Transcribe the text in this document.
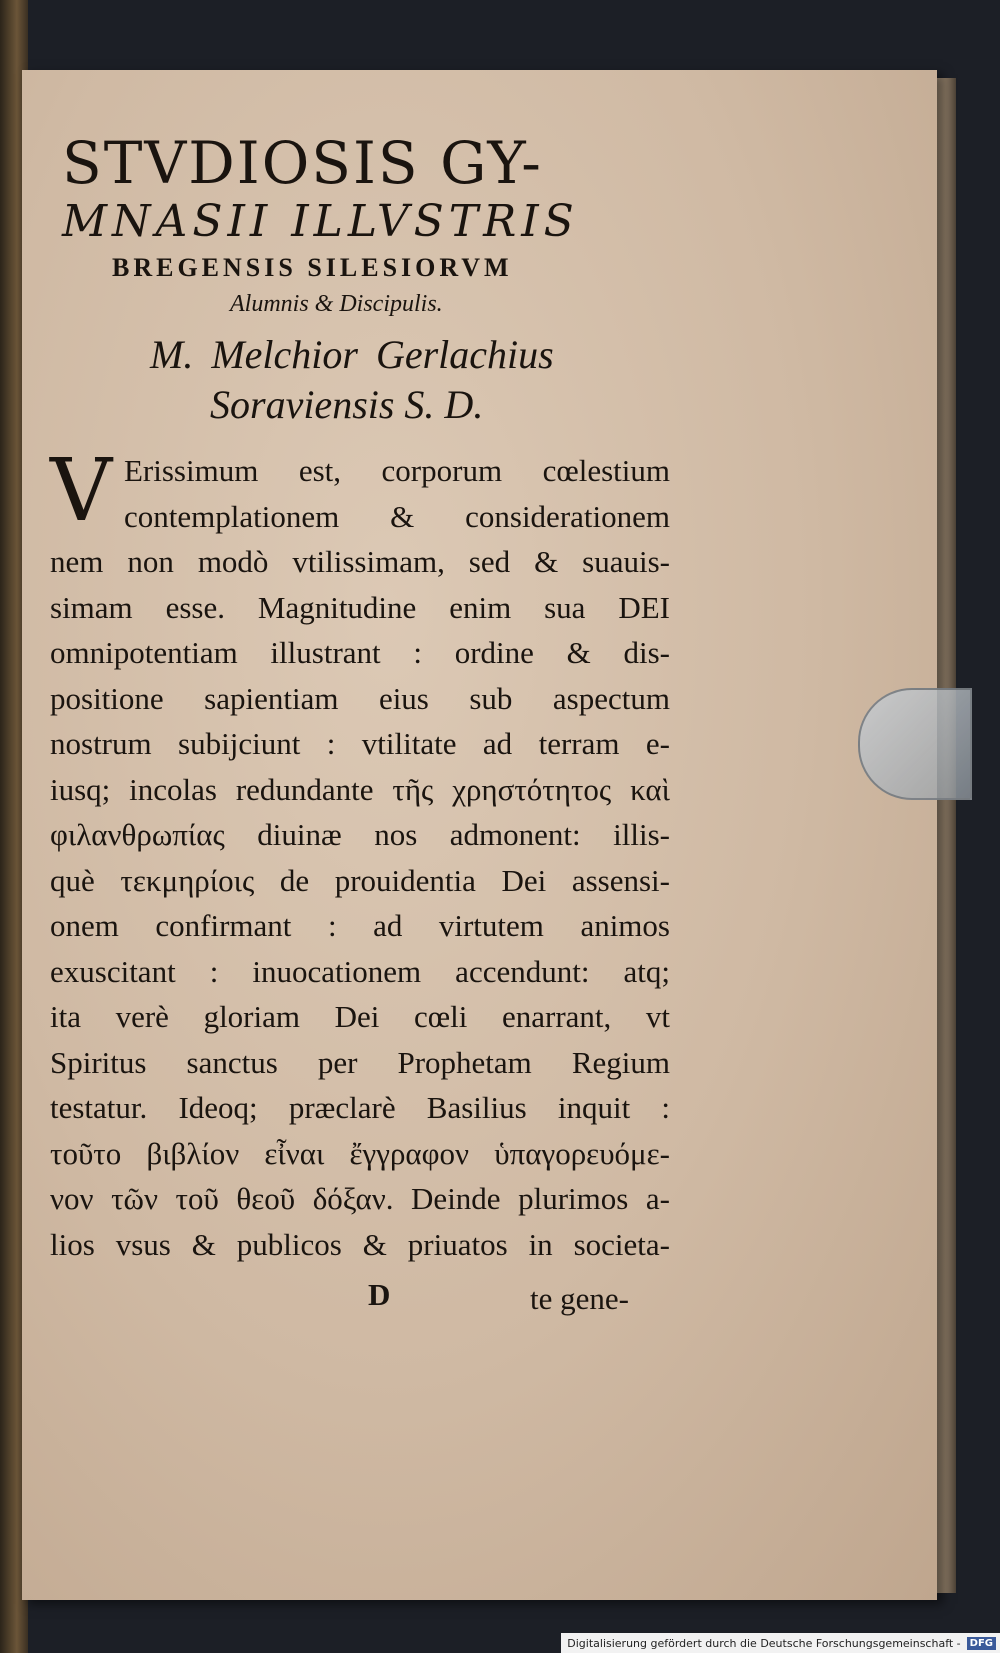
STVDIOSIS GY-
MNASII ILLVSTRIS
BREGENSIS SILESIORVM
Alumnis & Discipulis.
M. Melchior Gerlachius
Soraviensis S. D.
V Erissimum est, corporum cœlestium
contemplationem & considerationem
nem non modò vtilissimam, sed & suauis-
simam esse. Magnitudine enim sua DEI
omnipotentiam illustrant : ordine & dis-
positione sapientiam eius sub aspectum
nostrum subijciunt : vtilitate ad terram e-
iusq; incolas redundante τῆς χρηστότητος καὶ
φιλανθρωπίας diuinæ nos admonent: illis-
què τεκμηρίοις de prouidentia Dei assensi-
onem confirmant : ad virtutem animos
exuscitant : inuocationem accendunt: atq;
ita verè gloriam Dei cœli enarrant, vt
Spiritus sanctus per Prophetam Regium
testatur. Ideoq; præclarè Basilius inquit :
τοῦτο βιβλίον εἶναι ἔγγραφον ὑπαγορευόμε-
νον τῶν τοῦ θεοῦ δόξαν. Deinde plurimos a-
lios vsus & publicos & priuatos in societa-
D	te gene-
Digitalisierung gefördert durch die Deutsche Forschungsgemeinschaft - DFG
